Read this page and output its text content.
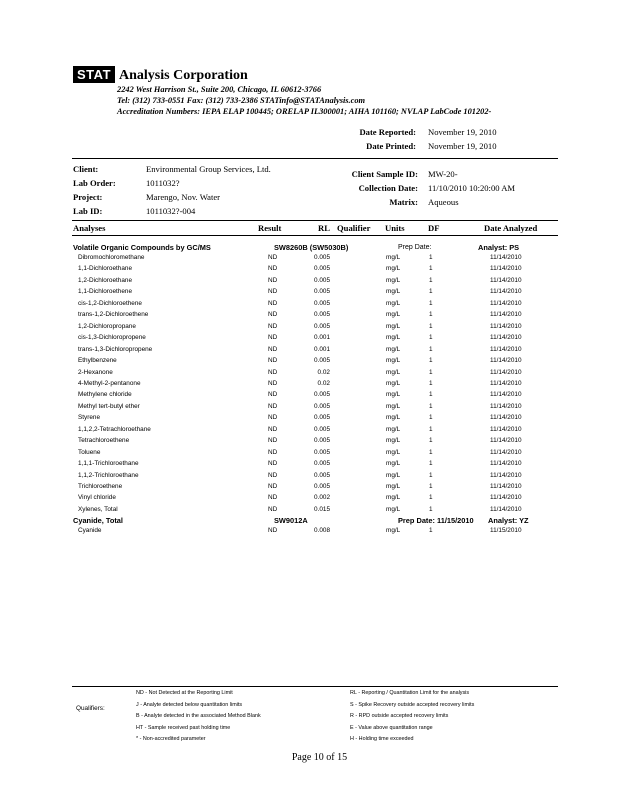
STAT Analysis Corporation
2242 West Harrison St., Suite 200, Chicago, IL 60612-3766
Tel: (312) 733-0551 Fax: (312) 733-2386 STATinfo@STATAnalysis.com
Accreditation Numbers: IEPA ELAP 100445; ORELAP IL300001; AIHA 101160; NVLAP LabCode 101202-
Date Reported: November 19, 2010
Date Printed: November 19, 2010
Client:	Environmental Group Services, Ltd.
Lab Order:	1011032?
Project:	Marengo, Nov. Water
Lab ID:	1011032?-004
Client Sample ID: MW-20-
Collection Date: 11/10/2010 10:20:00 AM
Matrix: Aqueous
Analyses	Result	RL Qualifier Units	DF	Date Analyzed
Volatile Organic Compounds by GC/MS	SW8260B (SW5030B)	Prep Date:	Analyst: PS
Dibromochloromethane	ND	0.005	mg/L	1	11/14/2010
1,1-Dichloroethane	ND	0.005	mg/L	1	11/14/2010
1,2-Dichloroethane	ND	0.005	mg/L	1	11/14/2010
1,1-Dichloroethene	ND	0.005	mg/L	1	11/14/2010
cis-1,2-Dichloroethene	ND	0.005	mg/L	1	11/14/2010
trans-1,2-Dichloroethene	ND	0.005	mg/L	1	11/14/2010
1,2-Dichloropropane	ND	0.005	mg/L	1	11/14/2010
cis-1,3-Dichloropropene	ND	0.001	mg/L	1	11/14/2010
trans-1,3-Dichloropropene	ND	0.001	mg/L	1	11/14/2010
Ethylbenzene	ND	0.005	mg/L	1	11/14/2010
2-Hexanone	ND	0.02	mg/L	1	11/14/2010
4-Methyl-2-pentanone	ND	0.02	mg/L	1	11/14/2010
Methylene chloride	ND	0.005	mg/L	1	11/14/2010
Methyl tert-butyl ether	ND	0.005	mg/L	1	11/14/2010
Styrene	ND	0.005	mg/L	1	11/14/2010
1,1,2,2-Tetrachloroethane	ND	0.005	mg/L	1	11/14/2010
Tetrachloroethene	ND	0.005	mg/L	1	11/14/2010
Toluene	ND	0.005	mg/L	1	11/14/2010
1,1,1-Trichloroethane	ND	0.005	mg/L	1	11/14/2010
1,1,2-Trichloroethane	ND	0.005	mg/L	1	11/14/2010
Trichloroethene	ND	0.005	mg/L	1	11/14/2010
Vinyl chloride	ND	0.002	mg/L	1	11/14/2010
Xylenes, Total	ND	0.015	mg/L	1	11/14/2010
Cyanide, Total	SW9012A	Prep Date: 11/15/2010 Analyst: YZ
Cyanide	ND	0.008	mg/L	1	11/15/2010
Qualifiers:
ND - Not Detected at the Reporting Limit
J - Analyte detected below quantitation limits
B - Analyte detected in the associated Method Blank
HT - Sample received past holding time
* - Non-accredited parameter
RL - Reporting / Quantitation Limit for the analysis
S - Spike Recovery outside accepted recovery limits
R - RPD outside accepted recovery limits
E - Value above quantitation range
H - Holding time exceeded
Page 10 of 15
